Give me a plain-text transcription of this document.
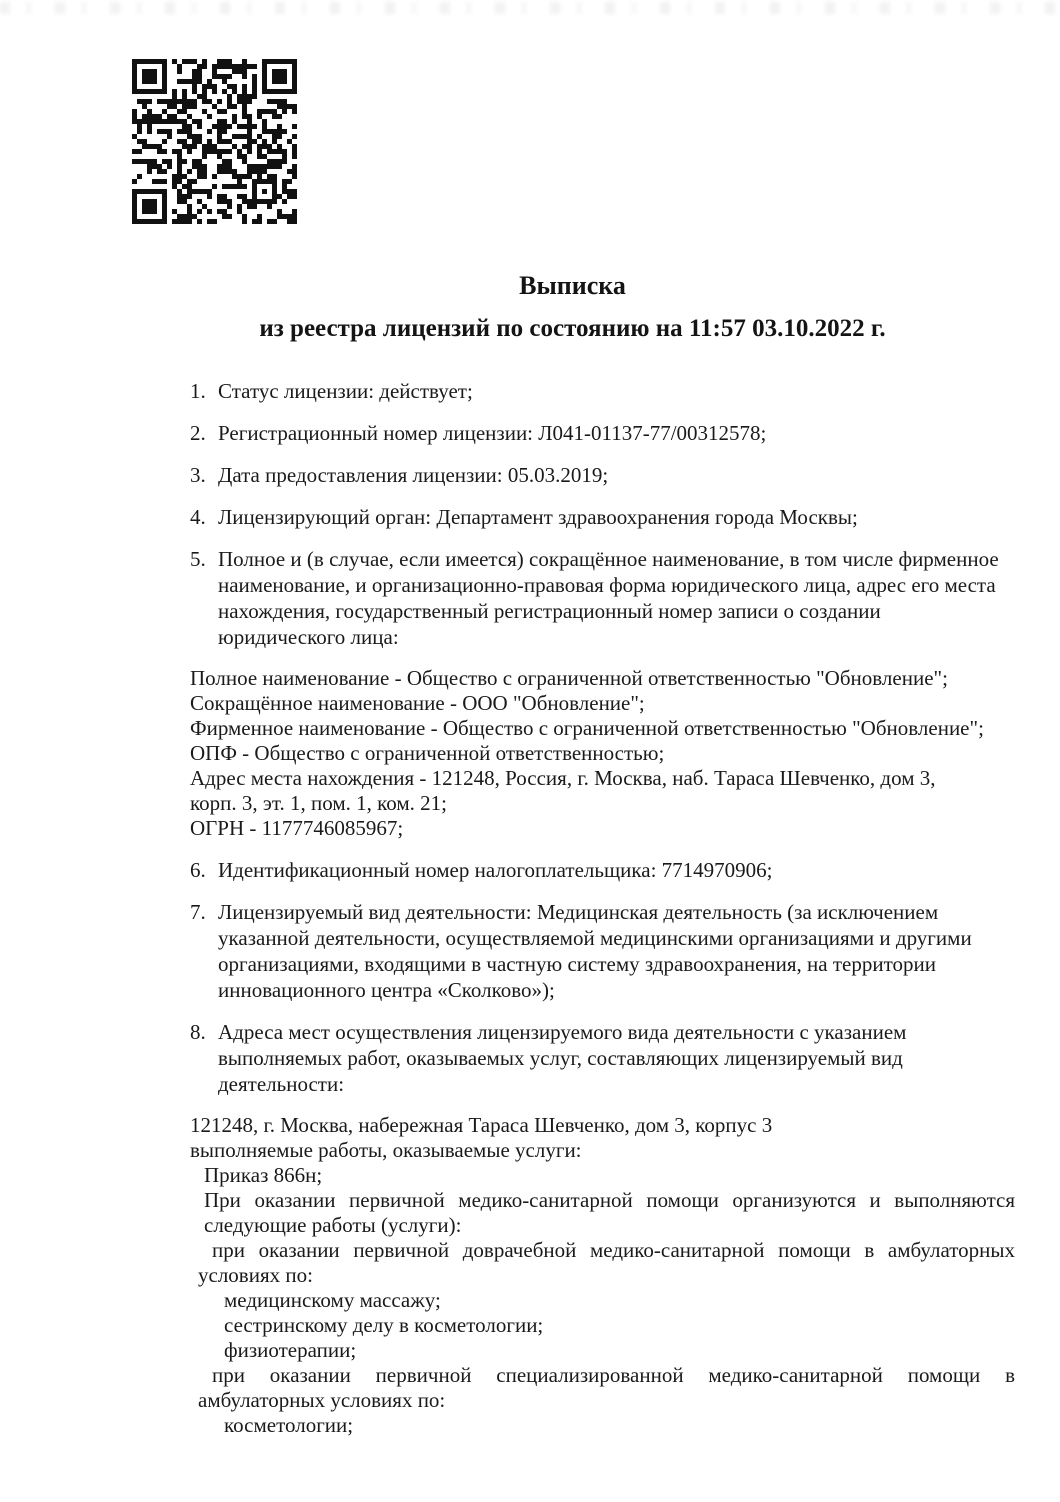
Выписка
из реестра лицензий по состоянию на 11:57 03.10.2022 г.
1. Статус лицензии: действует;
2. Регистрационный номер лицензии: Л041-01137-77/00312578;
3. Дата предоставления лицензии: 05.03.2019;
4. Лицензирующий орган: Департамент здравоохранения города Москвы;
5. Полное и (в случае, если имеется) сокращённое наименование, в том числе фирменное
наименование, и организационно-правовая форма юридического лица, адрес его места
нахождения, государственный регистрационный номер записи о создании
юридического лица:
Полное наименование - Общество с ограниченной ответственностью "Обновление";
Сокращённое наименование - ООО "Обновление";
Фирменное наименование - Общество с ограниченной ответственностью "Обновление";
ОПФ - Общество с ограниченной ответственностью;
Адрес места нахождения - 121248, Россия, г. Москва, наб. Тараса Шевченко, дом 3,
корп. 3, эт. 1, пом. 1, ком. 21;
ОГРН - 1177746085967;
6. Идентификационный номер налогоплательщика: 7714970906;
7. Лицензируемый вид деятельности: Медицинская деятельность (за исключением
указанной деятельности, осуществляемой медицинскими организациями и другими
организациями, входящими в частную систему здравоохранения, на территории
инновационного центра «Сколково»);
8. Адреса мест осуществления лицензируемого вида деятельности с указанием
выполняемых работ, оказываемых услуг, составляющих лицензируемый вид
деятельности:
121248, г. Москва, набережная Тараса Шевченко, дом 3, корпус 3
выполняемые работы, оказываемые услуги:
Приказ 866н;
При оказании первичной медико-санитарной помощи организуются и выполняются
следующие работы (услуги):
при оказании первичной доврачебной медико-санитарной помощи в амбулаторных
условиях по:
медицинскому массажу;
сестринскому делу в косметологии;
физиотерапии;
при оказании первичной специализированной медико-санитарной помощи в
амбулаторных условиях по:
косметологии;
